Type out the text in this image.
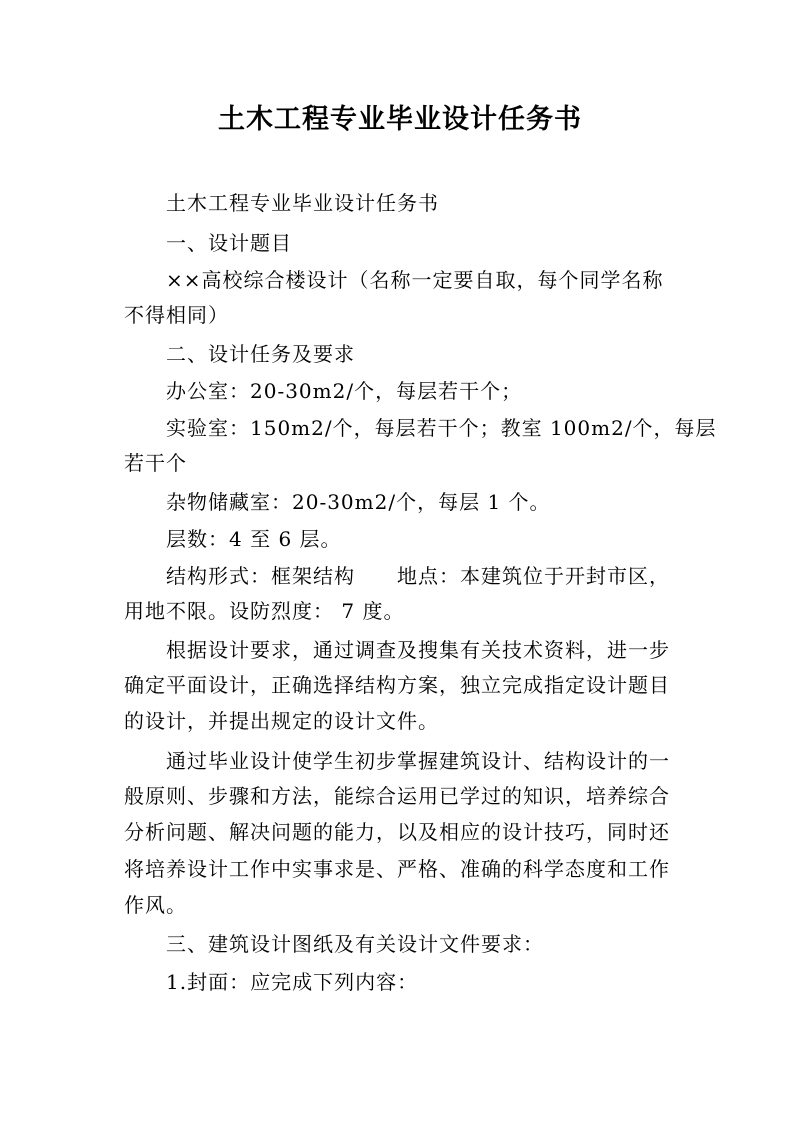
土木工程专业毕业设计任务书
土木工程专业毕业设计任务书
一、设计题目
××高校综合楼设计（名称一定要自取，每个同学名称
不得相同）
二、设计任务及要求
办公室：20-30m2/个，每层若干个；
实验室：150m2/个，每层若干个；教室 100m2/个，每层
若干个
杂物储藏室：20-30m2/个，每层 1 个。
层数：4 至 6 层。
结构形式：框架结构　　地点：本建筑位于开封市区，
用地不限。设防烈度： 7 度。
根据设计要求，通过调查及搜集有关技术资料，进一步
确定平面设计，正确选择结构方案，独立完成指定设计题目
的设计，并提出规定的设计文件。
通过毕业设计使学生初步掌握建筑设计、结构设计的一
般原则、步骤和方法，能综合运用已学过的知识，培养综合
分析问题、解决问题的能力，以及相应的设计技巧，同时还
将培养设计工作中实事求是、严格、准确的科学态度和工作
作风。
三、建筑设计图纸及有关设计文件要求：
1.封面：应完成下列内容：
